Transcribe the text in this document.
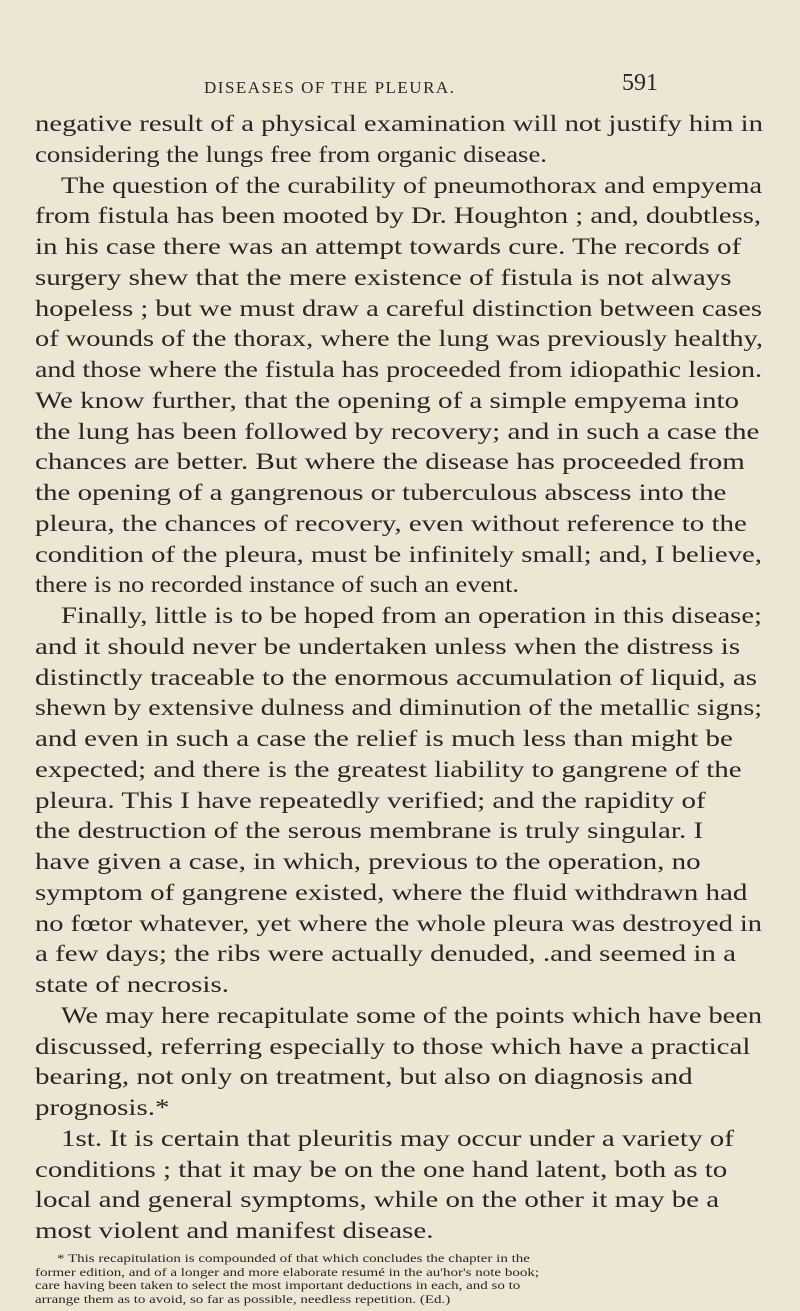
DISEASES OF THE PLEURA.	591
negative result of a physical examination will not justify him in
considering the lungs free from organic disease.
The question of the curability of pneumothorax and empyema
from fistula has been mooted by Dr. Houghton ; and, doubtless,
in his case there was an attempt towards cure. The records of
surgery shew that the mere existence of fistula is not always
hopeless ; but we must draw a careful distinction between cases
of wounds of the thorax, where the lung was previously healthy,
and those where the fistula has proceeded from idiopathic lesion.
We know further, that the opening of a simple empyema into
the lung has been followed by recovery; and in such a case the
chances are better. But where the disease has proceeded from
the opening of a gangrenous or tuberculous abscess into the
pleura, the chances of recovery, even without reference to the
condition of the pleura, must be infinitely small; and, I believe,
there is no recorded instance of such an event.
Finally, little is to be hoped from an operation in this disease;
and it should never be undertaken unless when the distress is
distinctly traceable to the enormous accumulation of liquid, as
shewn by extensive dulness and diminution of the metallic signs;
and even in such a case the relief is much less than might be
expected; and there is the greatest liability to gangrene of the
pleura. This I have repeatedly verified; and the rapidity of
the destruction of the serous membrane is truly singular. I
have given a case, in which, previous to the operation, no
symptom of gangrene existed, where the fluid withdrawn had
no fœtor whatever, yet where the whole pleura was destroyed in
a few days; the ribs were actually denuded, .and seemed in a
state of necrosis.
We may here recapitulate some of the points which have been
discussed, referring especially to those which have a practical
bearing, not only on treatment, but also on diagnosis and
prognosis.*
1st. It is certain that pleuritis may occur under a variety of
conditions ; that it may be on the one hand latent, both as to
local and general symptoms, while on the other it may be a
most violent and manifest disease.
* This recapitulation is compounded of that which concludes the chapter in the
former edition, and of a longer and more elaborate resumé in the au'hor's note book;
care having been taken to select the most important deductions in each, and so to
arrange them as to avoid, so far as possible, needless repetition. (Ed.)
